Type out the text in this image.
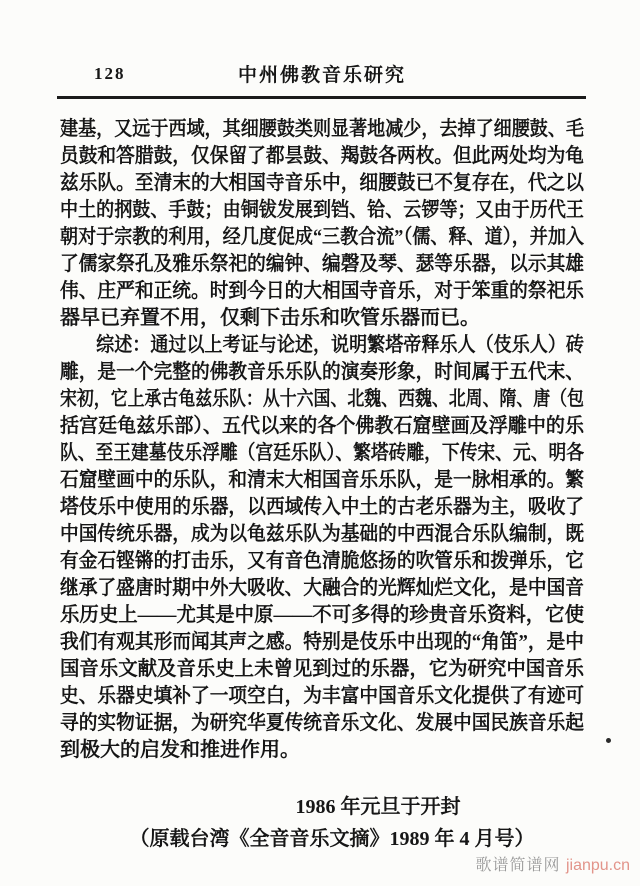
128	中州佛教音乐研究
建基，又远于西域，其细腰鼓类则显著地减少，去掉了细腰鼓、毛
员鼓和答腊鼓，仅保留了都昙鼓、羯鼓各两枚。但此两处均为龟
兹乐队。至清末的大相国寺音乐中，细腰鼓已不复存在，代之以
中土的㧏鼓、手鼓；由铜钹发展到铛、铪、云锣等；又由于历代王
朝对于宗教的利用，经几度促成“三教合流”（儒、释、道），并加入
了儒家祭孔及雅乐祭祀的编钟、编磬及琴、瑟等乐器，以示其雄
伟、庄严和正统。时到今日的大相国寺音乐，对于笨重的祭祀乐
器早已弃置不用，仅剩下击乐和吹管乐器而已。
　　综述：通过以上考证与论述，说明繁塔帝释乐人（伎乐人）砖
雕，是一个完整的佛教音乐乐队的演奏形象，时间属于五代末、
宋初，它上承古龟兹乐队：从十六国、北魏、西魏、北周、隋、唐（包
括宫廷龟兹乐部）、五代以来的各个佛教石窟壁画及浮雕中的乐
队、至王建墓伎乐浮雕（宫廷乐队）、繁塔砖雕，下传宋、元、明各
石窟壁画中的乐队，和清末大相国音乐乐队，是一脉相承的。繁
塔伎乐中使用的乐器，以西域传入中土的古老乐器为主，吸收了
中国传统乐器，成为以龟兹乐队为基础的中西混合乐队编制，既
有金石铿锵的打击乐，又有音色清脆悠扬的吹管乐和拨弹乐，它
继承了盛唐时期中外大吸收、大融合的光辉灿烂文化，是中国音
乐历史上——尤其是中原——不可多得的珍贵音乐资料，它使
我们有观其形而闻其声之感。特别是伎乐中出现的“角笛”，是中
国音乐文献及音乐史上未曾见到过的乐器，它为研究中国音乐
史、乐器史填补了一项空白，为丰富中国音乐文化提供了有迹可
寻的实物证据，为研究华夏传统音乐文化、发展中国民族音乐起
到极大的启发和推进作用。
1986 年元旦于开封
（原载台湾《全音音乐文摘》1989 年 4 月号）
歌谱简谱网 jianpu.cn
